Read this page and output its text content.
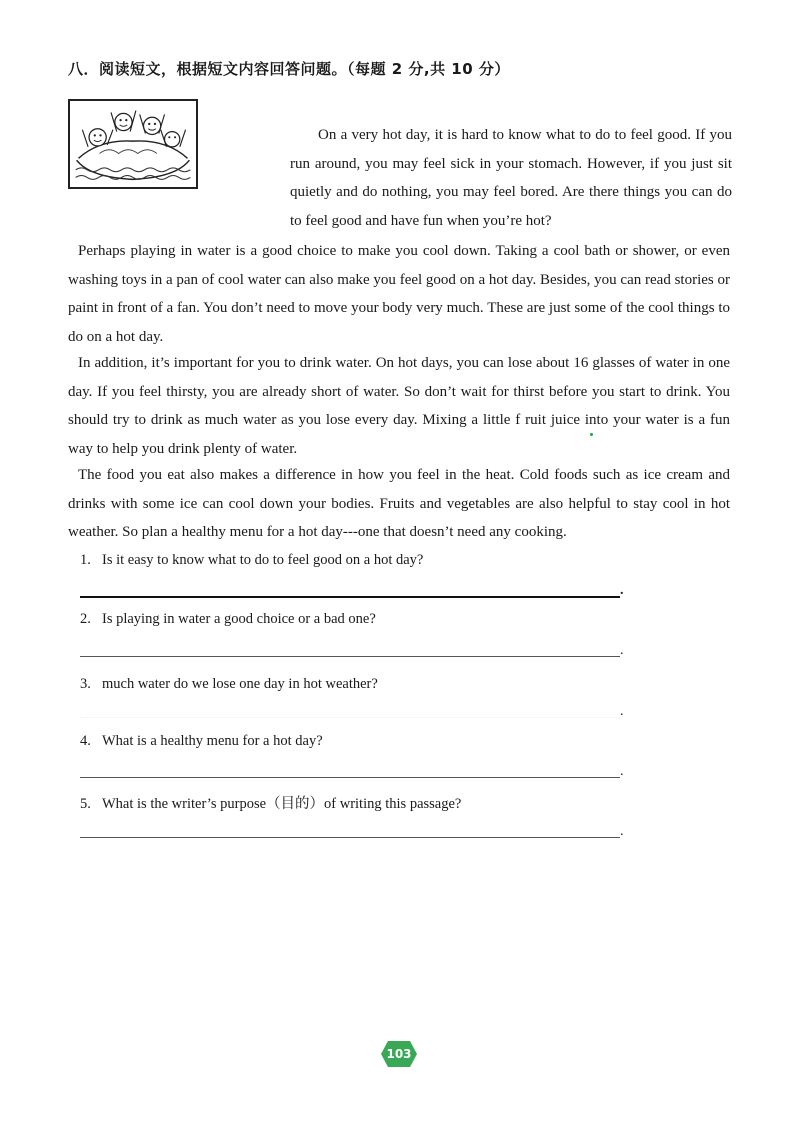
八．阅读短文，根据短文内容回答问题。（每题 2 分,共 10 分）
On a very hot day, it is hard to know what to do to feel good. If you run around, you may feel sick in your stomach. However, if you just sit quietly and do nothing, you may feel bored. Are there things you can do to feel good and have fun when you’re hot?
Perhaps playing in water is a good choice to make you cool down. Taking a cool bath or shower, or even washing toys in a pan of cool water can also make you feel good on a hot day. Besides, you can read stories or paint in front of a fan. You don’t need to move your body very much. These are just some of the cool things to do on a hot day.
In addition, it’s important for you to drink water. On hot days, you can lose about 16 glasses of water in one day. If you feel thirsty, you are already short of water. So don’t wait for thirst before you start to drink. You should try to drink as much water as you lose every day. Mixing a little f ruit juice into your water is a fun way to help you drink plenty of water.
The food you eat also makes a difference in how you feel in the heat. Cold foods such as ice cream and drinks with some ice can cool down your bodies. Fruits and vegetables are also helpful to stay cool in hot weather. So plan a healthy menu for a hot day---one that doesn’t need any cooking.
1. Is it easy to know what to do to feel good on a hot day?
.
2. Is playing in water a good choice or a bad one?
.
3. much water do we lose one day in hot weather?
.
4. What is a healthy menu for a hot day?
.
5. What is the writer’s purpose（目的）of writing this passage?
.
103
